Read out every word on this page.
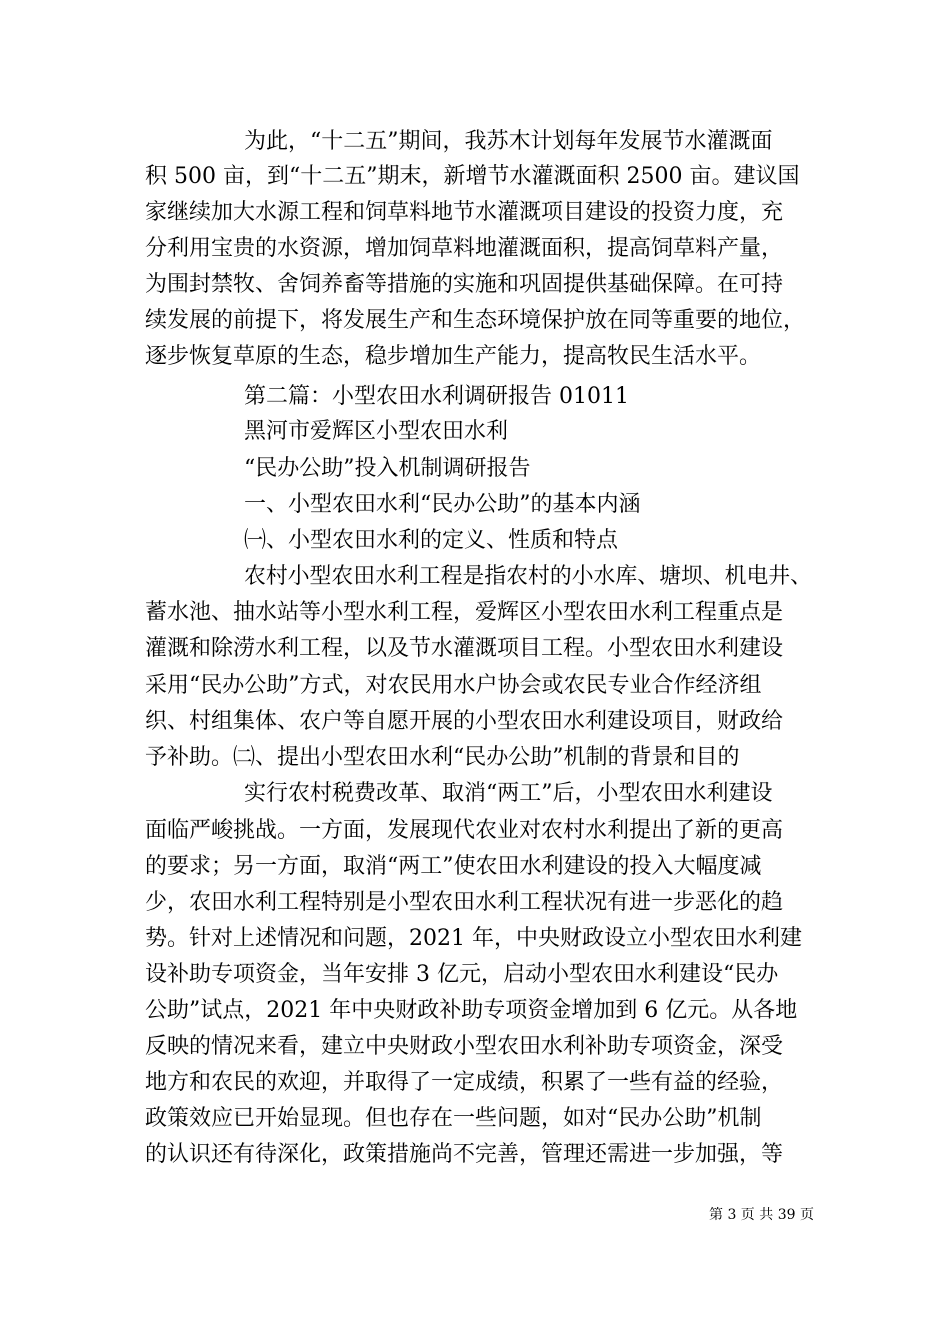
为此，“十二五”期间，我苏木计划每年发展节水灌溉面
积 500 亩，到“十二五”期末，新增节水灌溉面积 2500 亩。建议国
家继续加大水源工程和饲草料地节水灌溉项目建设的投资力度，充
分利用宝贵的水资源，增加饲草料地灌溉面积，提高饲草料产量，
为围封禁牧、舍饲养畜等措施的实施和巩固提供基础保障。在可持
续发展的前提下，将发展生产和生态环境保护放在同等重要的地位，
逐步恢复草原的生态，稳步增加生产能力，提高牧民生活水平。
第二篇：小型农田水利调研报告 01011
黑河市爱辉区小型农田水利
“民办公助”投入机制调研报告
一、小型农田水利“民办公助”的基本内涵
㈠、小型农田水利的定义、性质和特点
农村小型农田水利工程是指农村的小水库、塘坝、机电井、
蓄水池、抽水站等小型水利工程，爱辉区小型农田水利工程重点是
灌溉和除涝水利工程，以及节水灌溉项目工程。小型农田水利建设
采用“民办公助”方式，对农民用水户协会或农民专业合作经济组
织、村组集体、农户等自愿开展的小型农田水利建设项目，财政给
予补助。㈡、提出小型农田水利“民办公助”机制的背景和目的
实行农村税费改革、取消“两工”后，小型农田水利建设
面临严峻挑战。一方面，发展现代农业对农村水利提出了新的更高
的要求；另一方面，取消“两工”使农田水利建设的投入大幅度减
少，农田水利工程特别是小型农田水利工程状况有进一步恶化的趋
势。针对上述情况和问题，2021 年，中央财政设立小型农田水利建
设补助专项资金，当年安排 3 亿元，启动小型农田水利建设“民办
公助”试点，2021 年中央财政补助专项资金增加到 6 亿元。从各地
反映的情况来看，建立中央财政小型农田水利补助专项资金，深受
地方和农民的欢迎，并取得了一定成绩，积累了一些有益的经验，
政策效应已开始显现。但也存在一些问题，如对“民办公助”机制
的认识还有待深化，政策措施尚不完善，管理还需进一步加强，等
第 3 页 共 39 页
